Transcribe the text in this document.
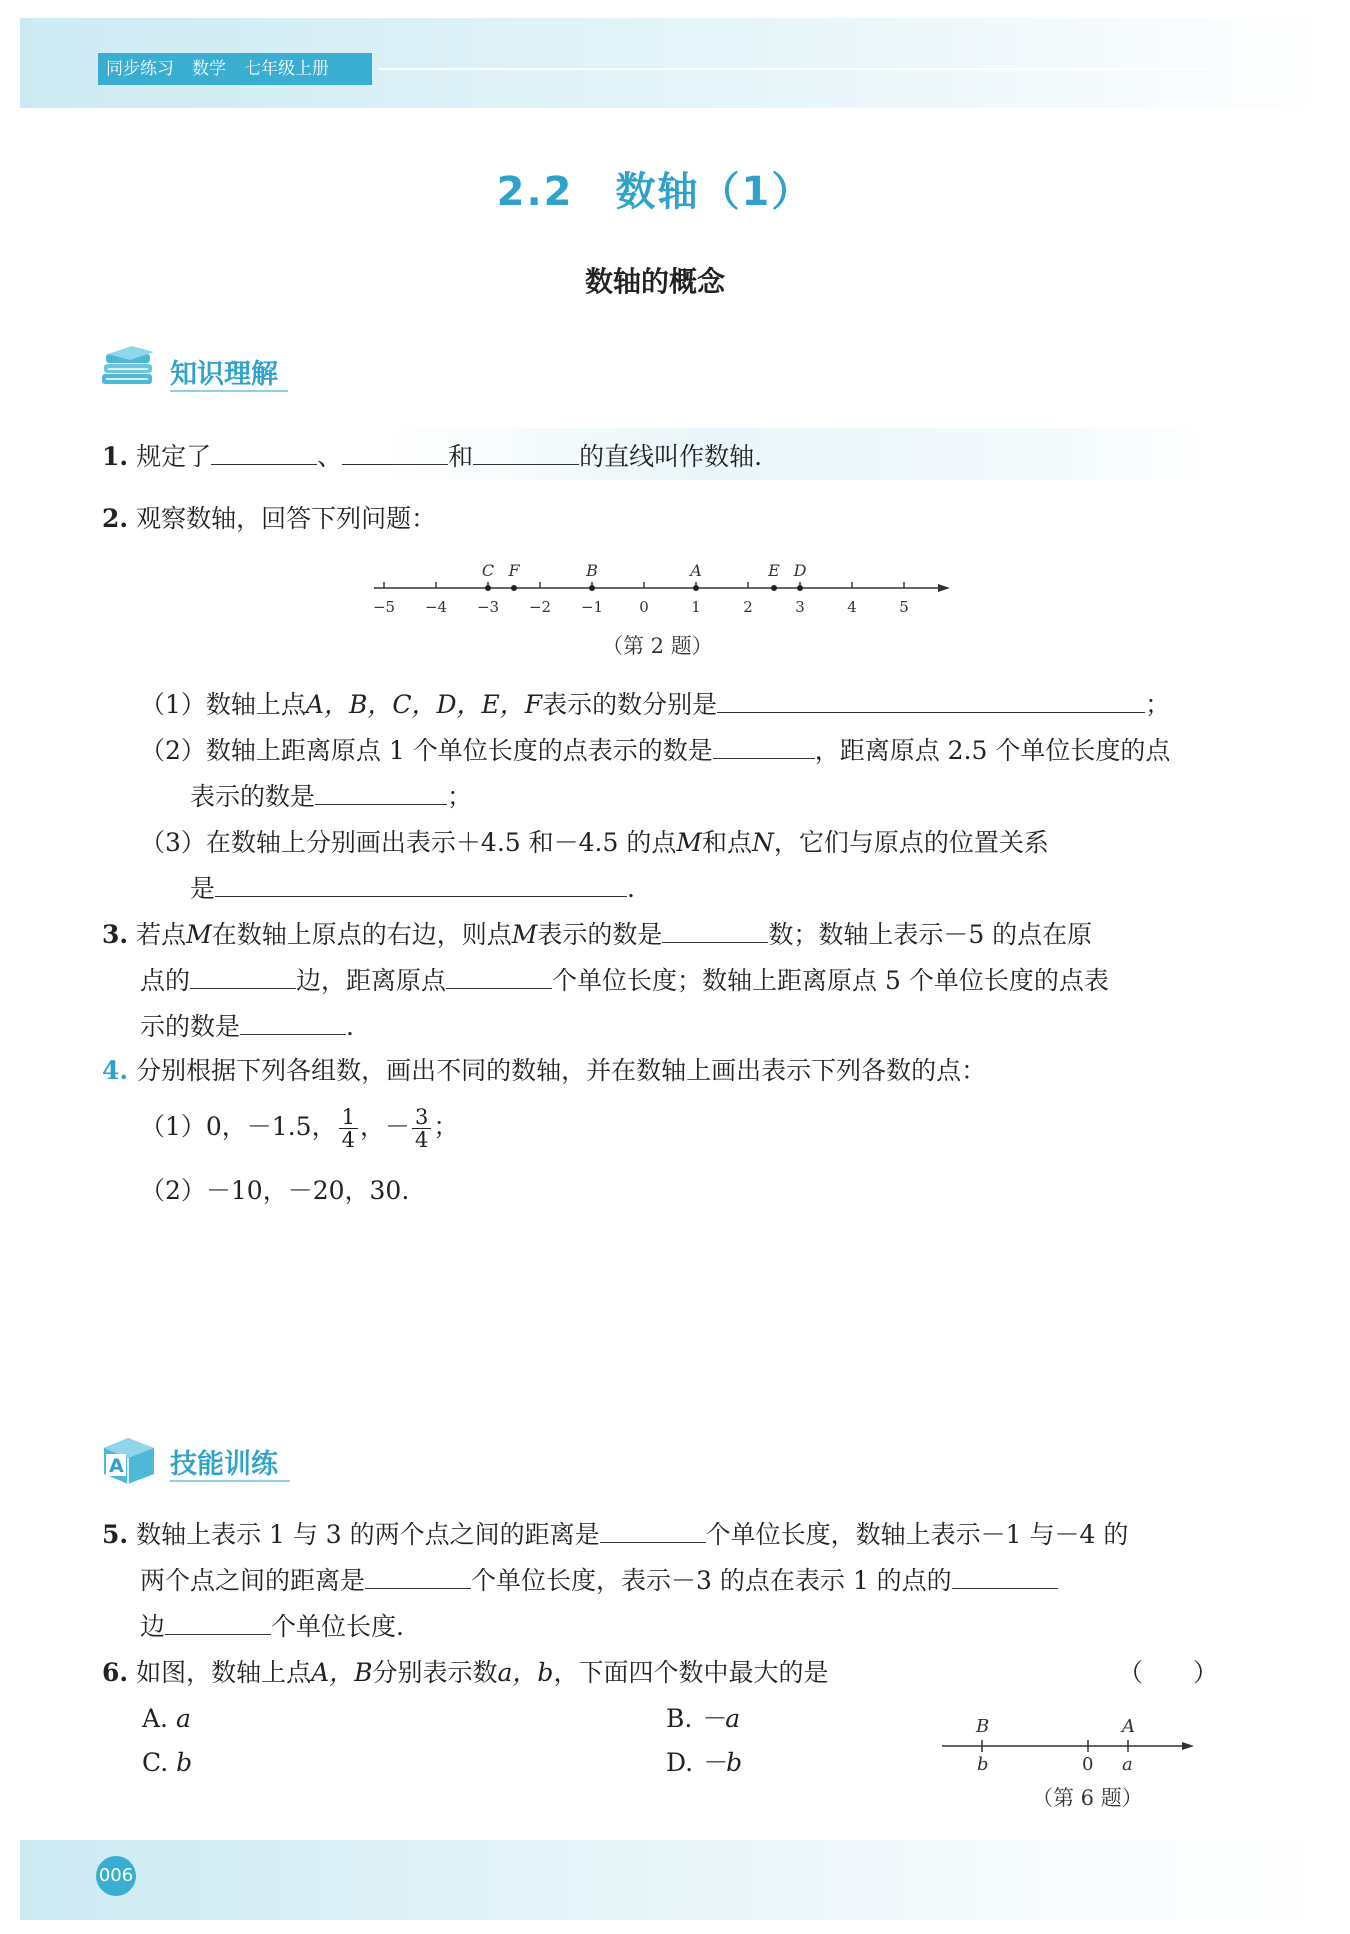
同步练习 数学 七年级上册
2.2　数轴（1）
数轴的概念
知识理解
1. 规定了	、	和	的直线叫作数轴.
2. 观察数轴，回答下列问题：
−5 −4 −3 −2 −1 0	1	2	3	4	5
C F	B	A	E D
（第 2 题）
（1）数轴上点A，B，C，D，E，F表示的数分别是	；
（2）数轴上距离原点 1 个单位长度的点表示的数是	，距离原点 2.5 个单位长度的点
表示的数是	；
（3）在数轴上分别画出表示＋4.5 和－4.5 的点M和点N，它们与原点的位置关系
是	.
3. 若点M在数轴上原点的右边，则点M表示的数是	数；数轴上表示－5 的点在原
点的	边，距离原点	个单位长度；数轴上距离原点 5 个单位长度的点表
示的数是	.
4. 分别根据下列各组数，画出不同的数轴，并在数轴上画出表示下列各数的点：
（1）0，－1.5， $\frac{1}{4}$ ，－ $\frac{3}{4}$ ；
（2）－10，－20，30.
A 技能训练
5. 数轴上表示 1 与 3 的两个点之间的距离是	个单位长度，数轴上表示－1 与－4 的
两个点之间的距离是	个单位长度，表示－3 的点在表示 1 的点的
边	个单位长度.
6. 如图，数轴上点A，B分别表示数a，b，下面四个数中最大的是	（　　）
A. a	B. －a
C. b	D. －b
B	A
b	0 a
（第 6 题）
006
